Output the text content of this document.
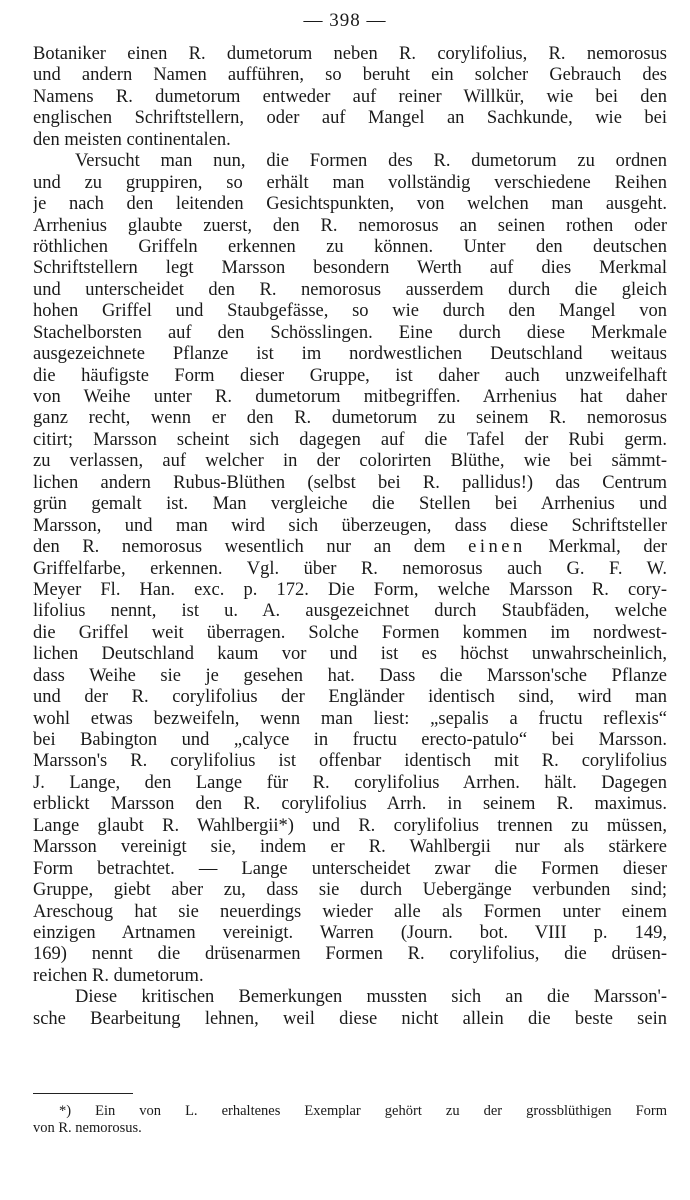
— 398 —
Botaniker einen R. dumetorum neben R. corylifolius, R. nemorosus
und andern Namen aufführen, so beruht ein solcher Gebrauch des
Namens R. dumetorum entweder auf reiner Willkür, wie bei den
englischen Schriftstellern, oder auf Mangel an Sachkunde, wie bei
den meisten continentalen.
Versucht man nun, die Formen des R. dumetorum zu ordnen
und zu gruppiren, so erhält man vollständig verschiedene Reihen
je nach den leitenden Gesichtspunkten, von welchen man ausgeht.
Arrhenius glaubte zuerst, den R. nemorosus an seinen rothen oder
röthlichen Griffeln erkennen zu können. Unter den deutschen
Schriftstellern legt Marsson besondern Werth auf dies Merkmal
und unterscheidet den R. nemorosus ausserdem durch die gleich
hohen Griffel und Staubgefässe, so wie durch den Mangel von
Stachelborsten auf den Schösslingen. Eine durch diese Merkmale
ausgezeichnete Pflanze ist im nordwestlichen Deutschland weitaus
die häufigste Form dieser Gruppe, ist daher auch unzweifelhaft
von Weihe unter R. dumetorum mitbegriffen. Arrhenius hat daher
ganz recht, wenn er den R. dumetorum zu seinem R. nemorosus
citirt; Marsson scheint sich dagegen auf die Tafel der Rubi germ.
zu verlassen, auf welcher in der colorirten Blüthe, wie bei sämmt-
lichen andern Rubus-Blüthen (selbst bei R. pallidus!) das Centrum
grün gemalt ist. Man vergleiche die Stellen bei Arrhenius und
Marsson, und man wird sich überzeugen, dass diese Schriftsteller
den R. nemorosus wesentlich nur an dem einen Merkmal, der
Griffelfarbe, erkennen. Vgl. über R. nemorosus auch G. F. W.
Meyer Fl. Han. exc. p. 172. Die Form, welche Marsson R. cory-
lifolius nennt, ist u. A. ausgezeichnet durch Staubfäden, welche
die Griffel weit überragen. Solche Formen kommen im nordwest-
lichen Deutschland kaum vor und ist es höchst unwahrscheinlich,
dass Weihe sie je gesehen hat. Dass die Marsson'sche Pflanze
und der R. corylifolius der Engländer identisch sind, wird man
wohl etwas bezweifeln, wenn man liest: „sepalis a fructu reflexis“
bei Babington und „calyce in fructu erecto-patulo“ bei Marsson.
Marsson's R. corylifolius ist offenbar identisch mit R. corylifolius
J. Lange, den Lange für R. corylifolius Arrhen. hält. Dagegen
erblickt Marsson den R. corylifolius Arrh. in seinem R. maximus.
Lange glaubt R. Wahlbergii*) und R. corylifolius trennen zu müssen,
Marsson vereinigt sie, indem er R. Wahlbergii nur als stärkere
Form betrachtet. — Lange unterscheidet zwar die Formen dieser
Gruppe, giebt aber zu, dass sie durch Uebergänge verbunden sind;
Areschoug hat sie neuerdings wieder alle als Formen unter einem
einzigen Artnamen vereinigt. Warren (Journ. bot. VIII p. 149,
169) nennt die drüsenarmen Formen R. corylifolius, die drüsen-
reichen R. dumetorum.
Diese kritischen Bemerkungen mussten sich an die Marsson'-
sche Bearbeitung lehnen, weil diese nicht allein die beste sein
*) Ein von L. erhaltenes Exemplar gehört zu der grossblüthigen Form
von R. nemorosus.
